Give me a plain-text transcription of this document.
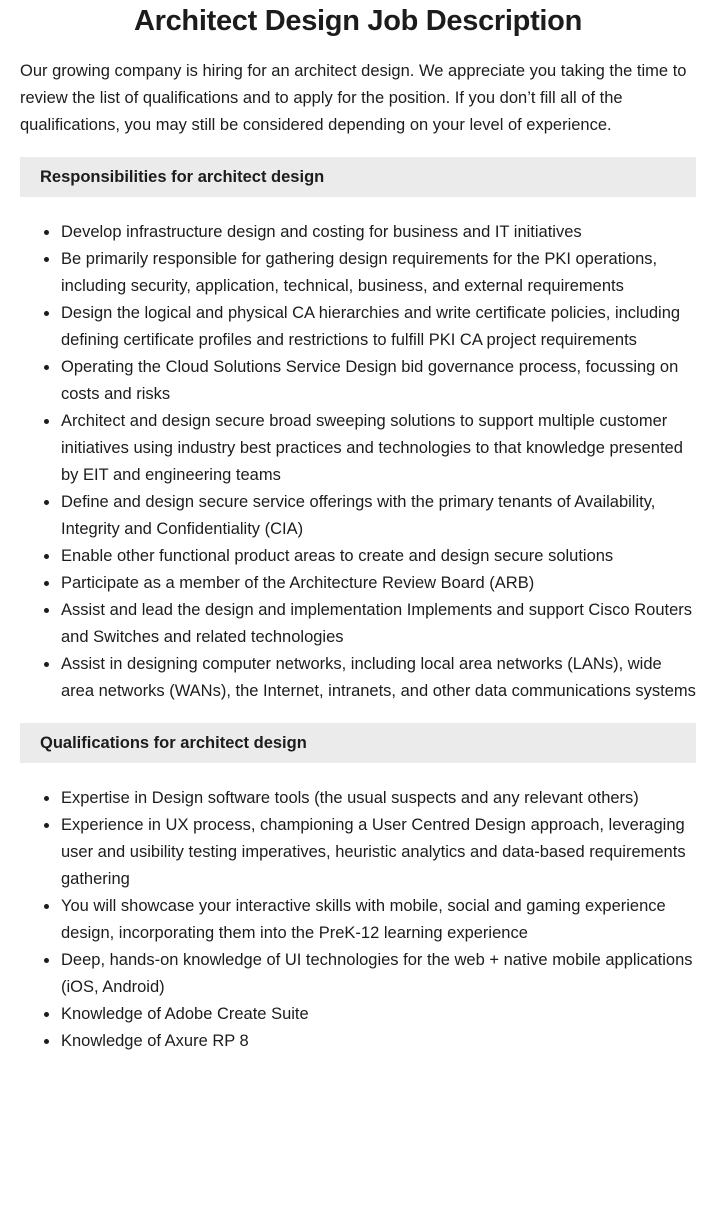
Architect Design Job Description

Our growing company is hiring for an architect design. We appreciate you taking the time to review the list of qualifications and to apply for the position. If you don’t fill all of the qualifications, you may still be considered depending on your level of experience.

Responsibilities for architect design
Develop infrastructure design and costing for business and IT initiatives
Be primarily responsible for gathering design requirements for the PKI operations, including security, application, technical, business, and external requirements
Design the logical and physical CA hierarchies and write certificate policies, including defining certificate profiles and restrictions to fulfill PKI CA project requirements
Operating the Cloud Solutions Service Design bid governance process, focussing on costs and risks
Architect and design secure broad sweeping solutions to support multiple customer initiatives using industry best practices and technologies to that knowledge presented by EIT and engineering teams
Define and design secure service offerings with the primary tenants of Availability, Integrity and Confidentiality (CIA)
Enable other functional product areas to create and design secure solutions
Participate as a member of the Architecture Review Board (ARB)
Assist and lead the design and implementation Implements and support Cisco Routers and Switches and related technologies
Assist in designing computer networks, including local area networks (LANs), wide area networks (WANs), the Internet, intranets, and other data communications systems
Qualifications for architect design
Expertise in Design software tools (the usual suspects and any relevant others)
Experience in UX process, championing a User Centred Design approach, leveraging user and usibility testing imperatives, heuristic analytics and data-based requirements gathering
You will showcase your interactive skills with mobile, social and gaming experience design, incorporating them into the PreK-12 learning experience
Deep, hands-on knowledge of UI technologies for the web + native mobile applications (iOS, Android)
Knowledge of Adobe Create Suite
Knowledge of Axure RP 8
